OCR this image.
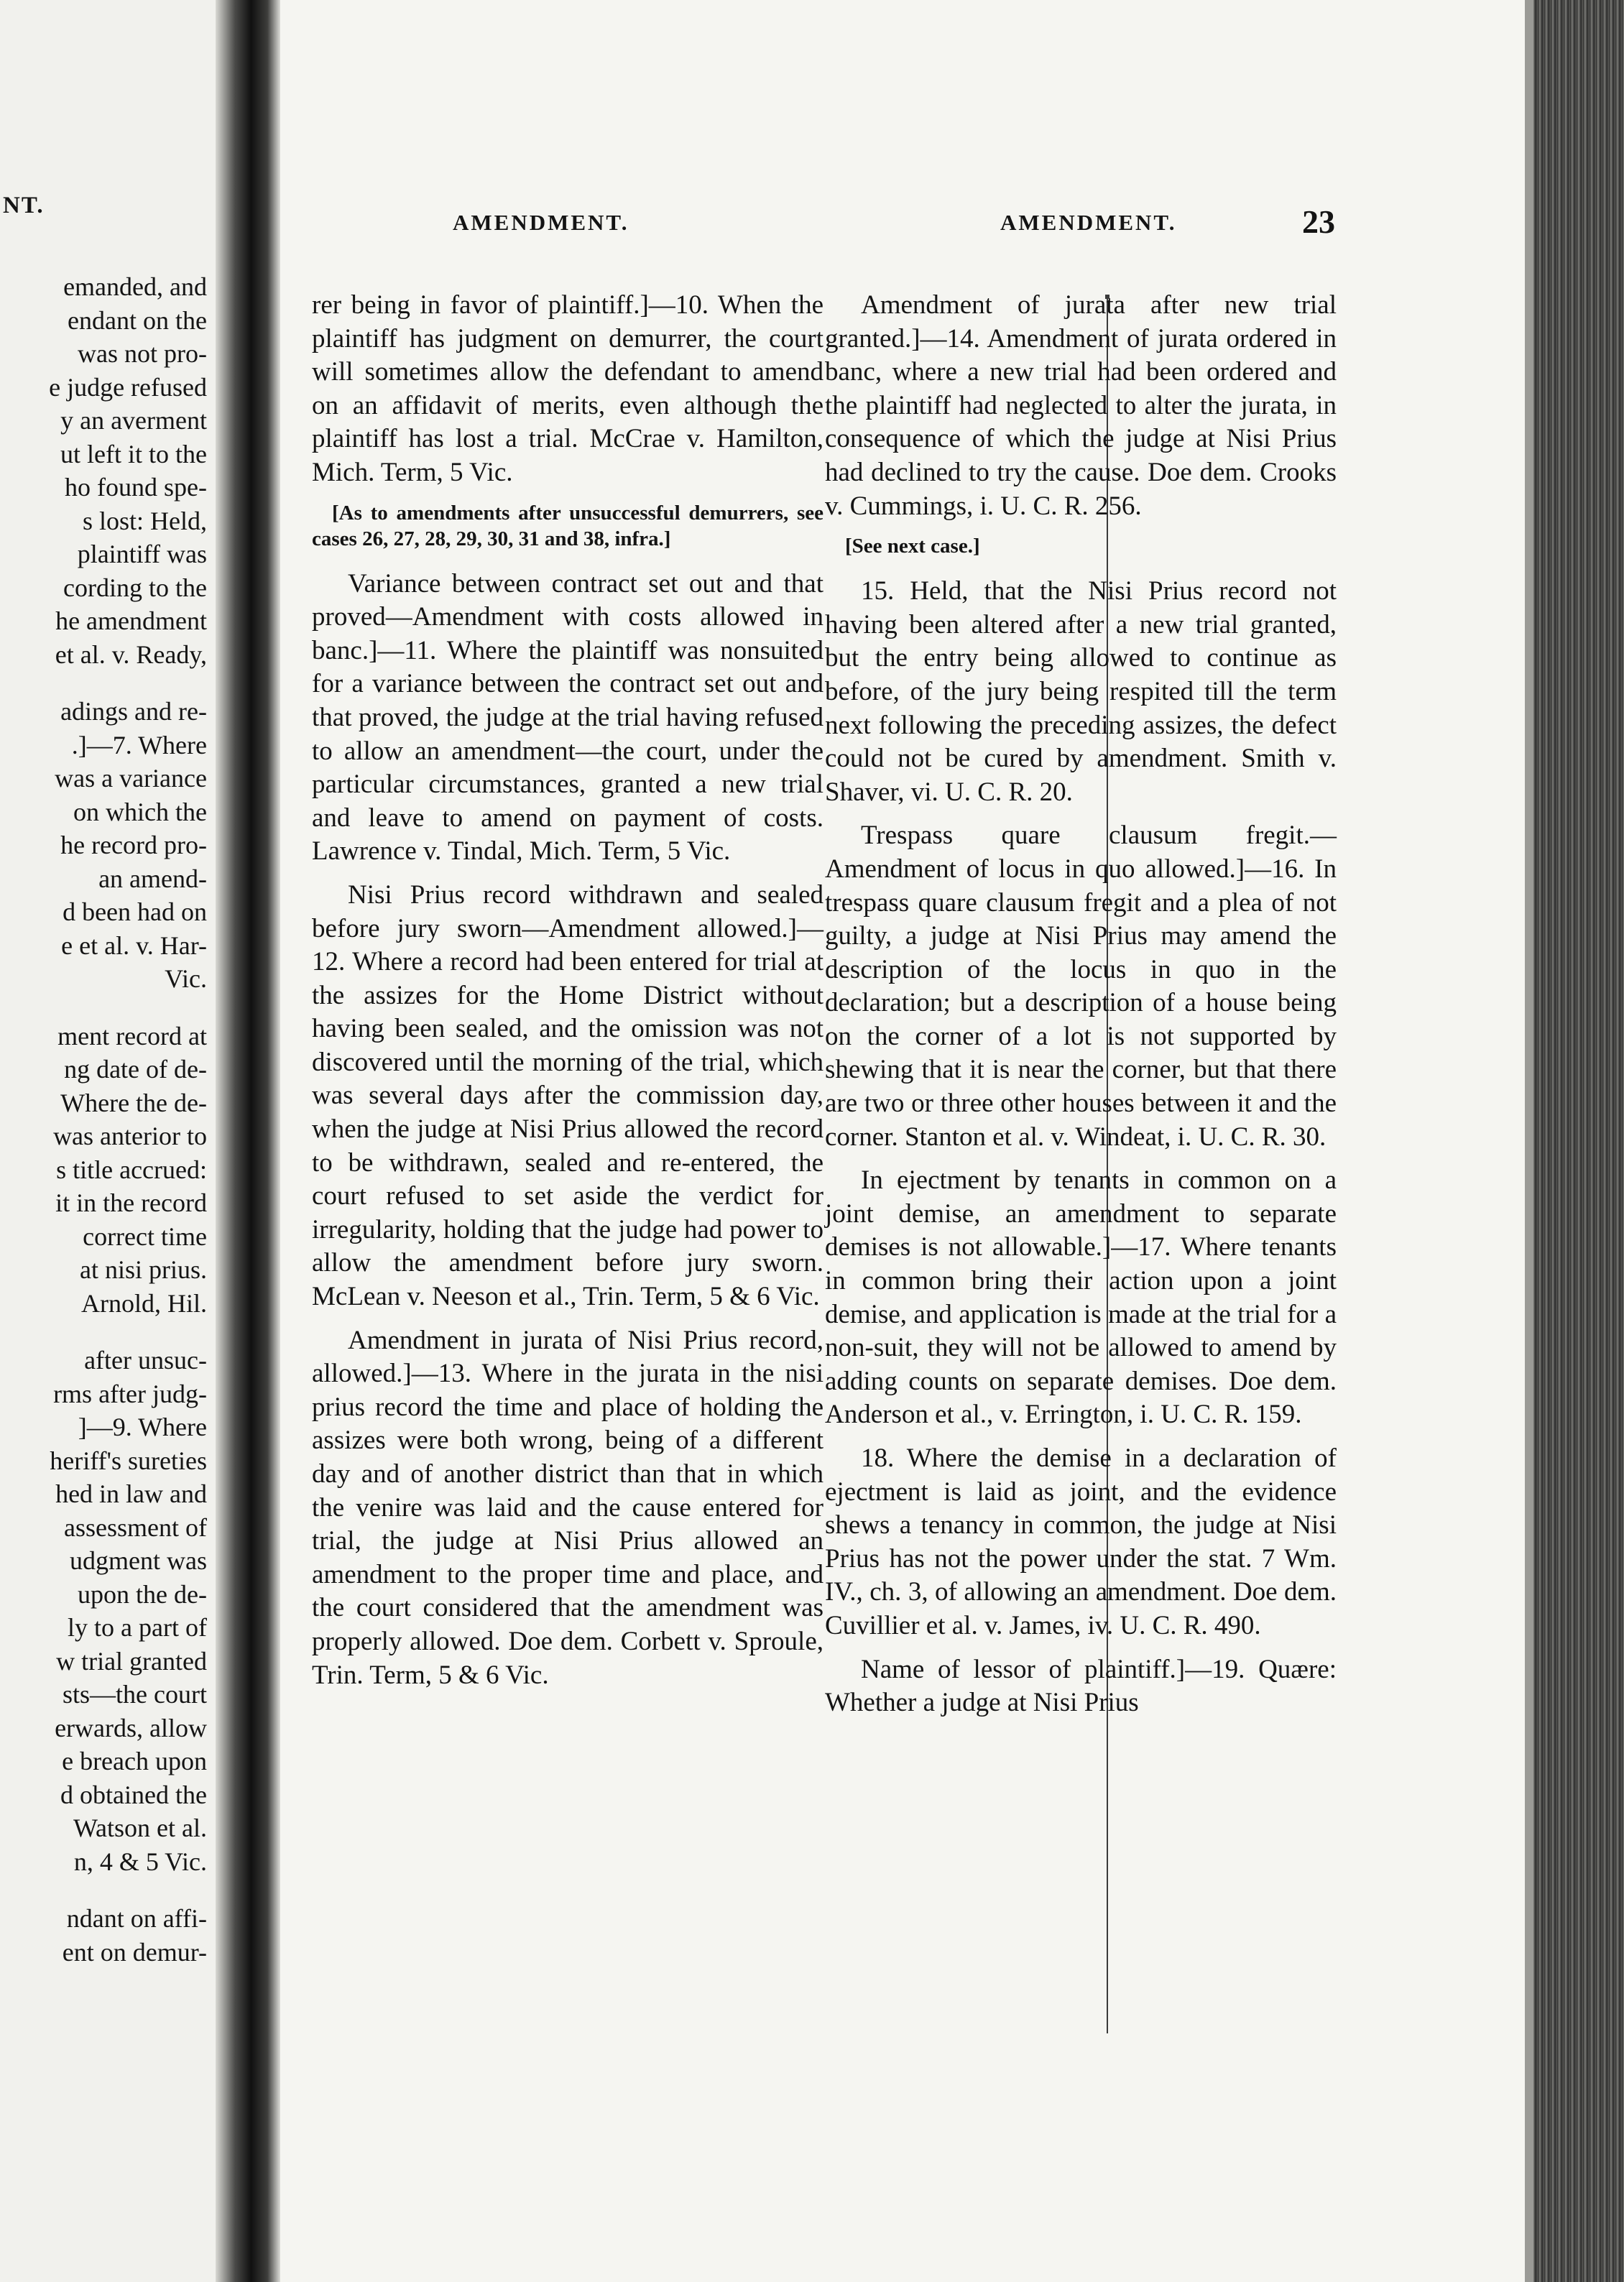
NT.
emanded, and
endant on the
was not pro-
e judge refused
y an averment
ut left it to the
ho found spe-
s lost: Held,
plaintiff was
cording to the
he amendment
et al. v. Ready,
adings and re-
.]—7. Where
was a variance
on which the
he record pro-
an amend-
d been had on
e et al. v. Har-
Vic.
ment record at
ng date of de-
Where the de-
was anterior to
s title accrued:
it in the record
correct time
at nisi prius.
Arnold, Hil.
after unsuc-
rms after judg-
]—9. Where
heriff's sureties
hed in law and
assessment of
udgment was
upon the de-
ly to a part of
w trial granted
sts—the court
erwards, allow
e breach upon
d obtained the
Watson et al.
n, 4 & 5 Vic.
ndant on affi-
ent on demur-
AMENDMENT.	AMENDMENT.	23

rer being in favor of plaintiff.]—10. When the plaintiff has judgment on demurrer, the court will sometimes allow the defendant to amend on an affidavit of merits, even although the plaintiff has lost a trial. McCrae v. Hamilton, Mich. Term, 5 Vic.

[As to amendments after unsuccessful demurrers, see cases 26, 27, 28, 29, 30, 31 and 38, infra.]

Variance between contract set out and that proved—Amendment with costs allowed in banc.]—11. Where the plaintiff was nonsuited for a variance between the contract set out and that proved, the judge at the trial having refused to allow an amendment—the court, under the particular circumstances, granted a new trial and leave to amend on payment of costs. Lawrence v. Tindal, Mich. Term, 5 Vic.

Nisi Prius record withdrawn and sealed before jury sworn—Amendment allowed.]—12. Where a record had been entered for trial at the assizes for the Home District without having been sealed, and the omission was not discovered until the morning of the trial, which was several days after the commission day, when the judge at Nisi Prius allowed the record to be withdrawn, sealed and re-entered, the court refused to set aside the verdict for irregularity, holding that the judge had power to allow the amendment before jury sworn. McLean v. Neeson et al., Trin. Term, 5 & 6 Vic.

Amendment in jurata of Nisi Prius record, allowed.]—13. Where in the jurata in the nisi prius record the time and place of holding the assizes were both wrong, being of a different day and of another district than that in which the venire was laid and the cause entered for trial, the judge at Nisi Prius allowed an amendment to the proper time and place, and the court considered that the amendment was properly allowed. Doe dem. Corbett v. Sproule, Trin. Term, 5 & 6 Vic.

Amendment of jurata after new trial granted.]—14. Amendment of jurata ordered in banc, where a new trial had been ordered and the plaintiff had neglected to alter the jurata, in consequence of which the judge at Nisi Prius had declined to try the cause. Doe dem. Crooks v. Cummings, i. U. C. R. 256.

[See next case.]

15. Held, that the Nisi Prius record not having been altered after a new trial granted, but the entry being allowed to continue as before, of the jury being respited till the term next following the preceding assizes, the defect could not be cured by amendment. Smith v. Shaver, vi. U. C. R. 20.

Trespass quare clausum fregit.—Amendment of locus in quo allowed.]—16. In trespass quare clausum fregit and a plea of not guilty, a judge at Nisi Prius may amend the description of the locus in quo in the declaration; but a description of a house being on the corner of a lot is not supported by shewing that it is near the corner, but that there are two or three other houses between it and the corner. Stanton et al. v. Windeat, i. U. C. R. 30.

In ejectment by tenants in common on a joint demise, an amendment to separate demises is not allowable.]—17. Where tenants in common bring their action upon a joint demise, and application is made at the trial for a non-suit, they will not be allowed to amend by adding counts on separate demises. Doe dem. Anderson et al., v. Errington, i. U. C. R. 159.

18. Where the demise in a declaration of ejectment is laid as joint, and the evidence shews a tenancy in common, the judge at Nisi Prius has not the power under the stat. 7 Wm. IV., ch. 3, of allowing an amendment. Doe dem. Cuvillier et al. v. James, iv. U. C. R. 490.

Name of lessor of plaintiff.]—19. Quære: Whether a judge at Nisi Prius
